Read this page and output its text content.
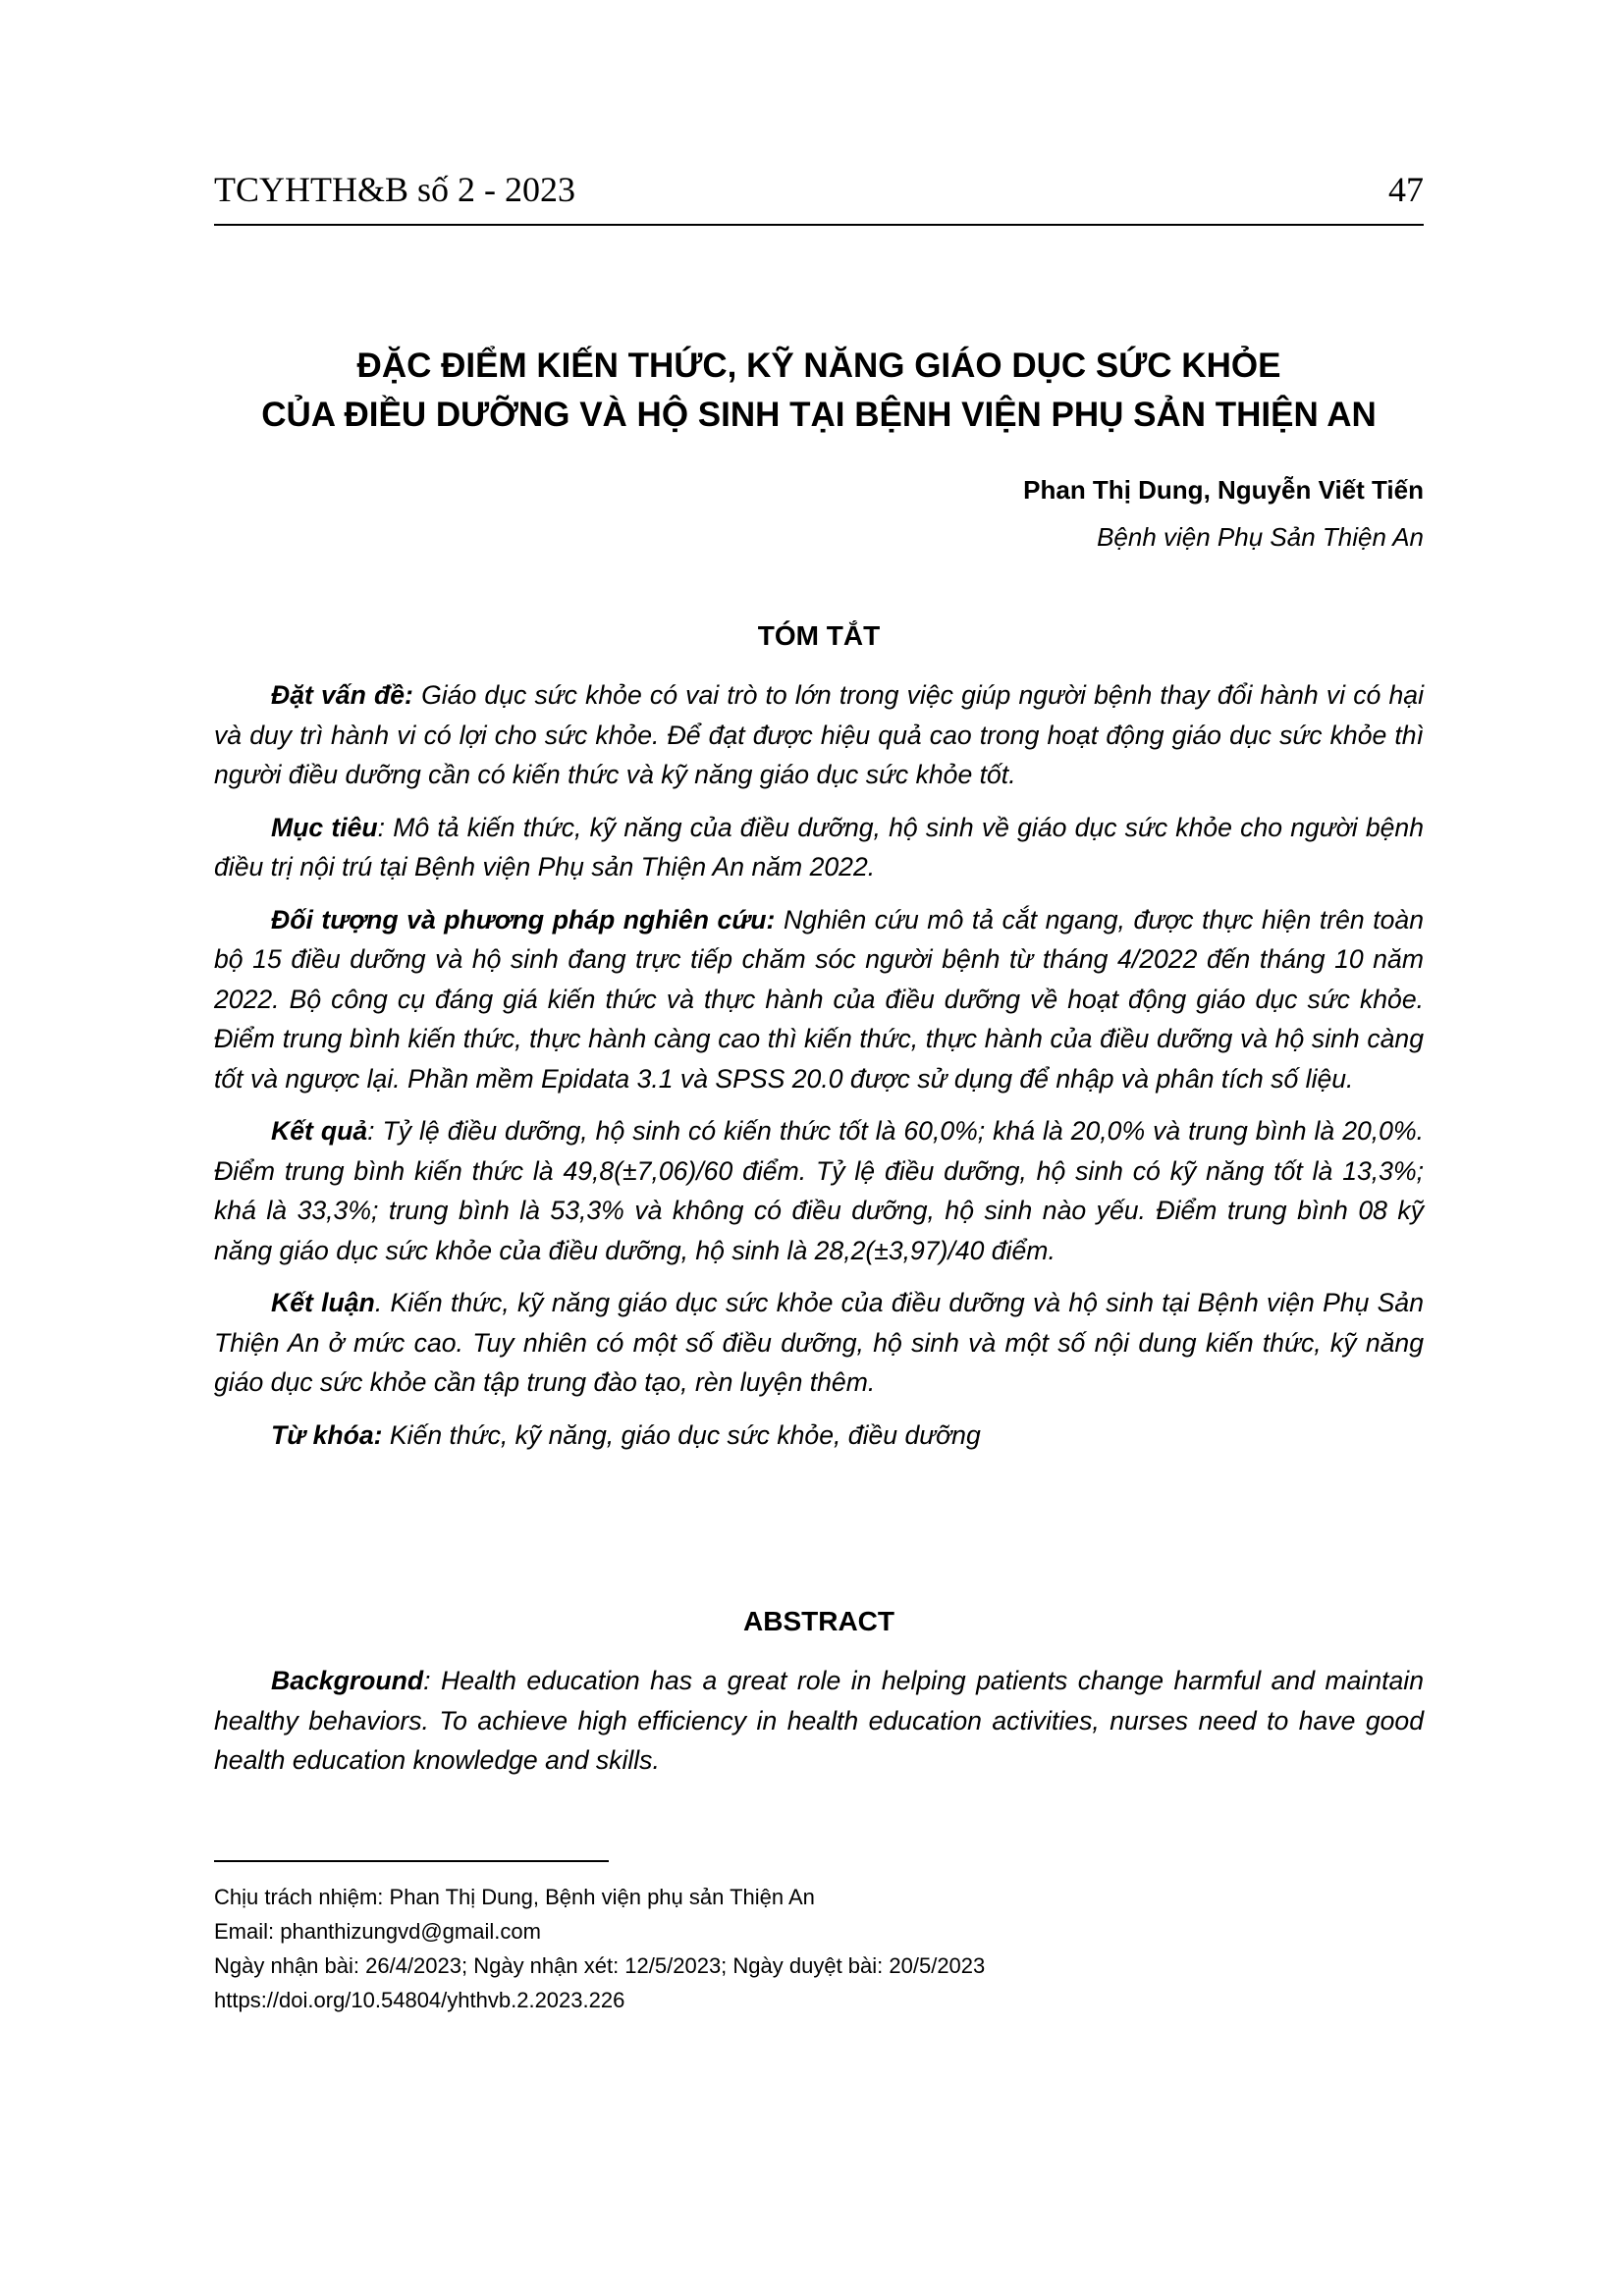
TCYHTH&B số 2 - 2023	47
ĐẶC ĐIỂM KIẾN THỨC, KỸ NĂNG GIÁO DỤC SỨC KHỎE
CỦA ĐIỀU DƯỠNG VÀ HỘ SINH TẠI BỆNH VIỆN PHỤ SẢN THIỆN AN
Phan Thị Dung, Nguyễn Viết Tiến
Bệnh viện Phụ Sản Thiện An
TÓM TẮT

Đặt vấn đề: Giáo dục sức khỏe có vai trò to lớn trong việc giúp người bệnh thay đổi hành vi có hại và duy trì hành vi có lợi cho sức khỏe. Để đạt được hiệu quả cao trong hoạt động giáo dục sức khỏe thì người điều dưỡng cần có kiến thức và kỹ năng giáo dục sức khỏe tốt.

Mục tiêu: Mô tả kiến thức, kỹ năng của điều dưỡng, hộ sinh về giáo dục sức khỏe cho người bệnh điều trị nội trú tại Bệnh viện Phụ sản Thiện An năm 2022.

Đối tượng và phương pháp nghiên cứu: Nghiên cứu mô tả cắt ngang, được thực hiện trên toàn bộ 15 điều dưỡng và hộ sinh đang trực tiếp chăm sóc người bệnh từ tháng 4/2022 đến tháng 10 năm 2022. Bộ công cụ đáng giá kiến thức và thực hành của điều dưỡng về hoạt động giáo dục sức khỏe. Điểm trung bình kiến thức, thực hành càng cao thì kiến thức, thực hành của điều dưỡng và hộ sinh càng tốt và ngược lại. Phần mềm Epidata 3.1 và SPSS 20.0 được sử dụng để nhập và phân tích số liệu.

Kết quả: Tỷ lệ điều dưỡng, hộ sinh có kiến thức tốt là 60,0%; khá là 20,0% và trung bình là 20,0%. Điểm trung bình kiến thức là 49,8(±7,06)/60 điểm. Tỷ lệ điều dưỡng, hộ sinh có kỹ năng tốt là 13,3%; khá là 33,3%; trung bình là 53,3% và không có điều dưỡng, hộ sinh nào yếu. Điểm trung bình 08 kỹ năng giáo dục sức khỏe của điều dưỡng, hộ sinh là 28,2(±3,97)/40 điểm.

Kết luận. Kiến thức, kỹ năng giáo dục sức khỏe của điều dưỡng và hộ sinh tại Bệnh viện Phụ Sản Thiện An ở mức cao. Tuy nhiên có một số điều dưỡng, hộ sinh và một số nội dung kiến thức, kỹ năng giáo dục sức khỏe cần tập trung đào tạo, rèn luyện thêm.

Từ khóa: Kiến thức, kỹ năng, giáo dục sức khỏe, điều dưỡng

ABSTRACT

Background: Health education has a great role in helping patients change harmful and maintain healthy behaviors. To achieve high efficiency in health education activities, nurses need to have good health education knowledge and skills.

Chịu trách nhiệm: Phan Thị Dung, Bệnh viện phụ sản Thiện An
Email: phanthizungvd@gmail.com
Ngày nhận bài: 26/4/2023; Ngày nhận xét: 12/5/2023; Ngày duyệt bài: 20/5/2023
https://doi.org/10.54804/yhthvb.2.2023.226
